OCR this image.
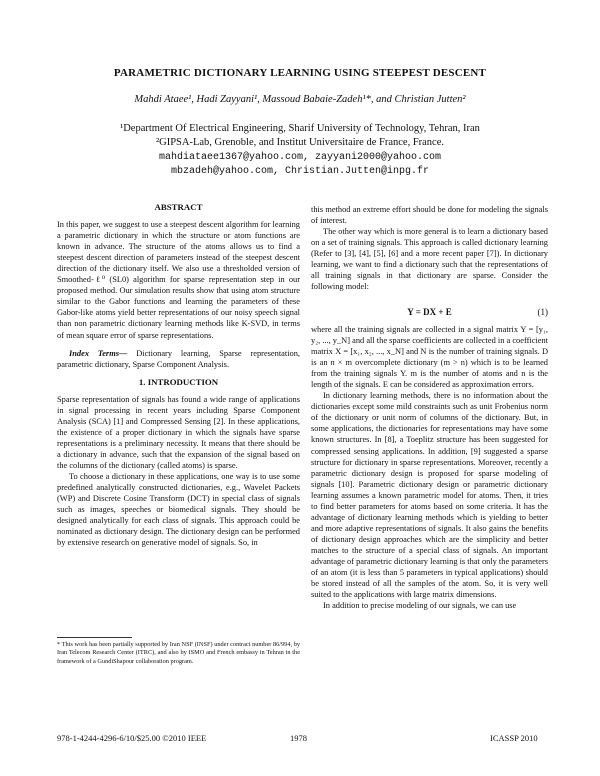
PARAMETRIC DICTIONARY LEARNING USING STEEPEST DESCENT
Mahdi Ataee¹, Hadi Zayyani¹, Massoud Babaie-Zadeh¹*, and Christian Jutten²
¹Department Of Electrical Engineering, Sharif University of Technology, Tehran, Iran
²GIPSA-Lab, Grenoble, and Institut Universitaire de France, France.
mahdiataee1367@yahoo.com, zayyani2000@yahoo.com
mbzadeh@yahoo.com, Christian.Jutten@inpg.fr
ABSTRACT

In this paper, we suggest to use a steepest descent algorithm for learning a parametric dictionary in which the structure or atom functions are known in advance. The structure of the atoms allows us to find a steepest descent direction of parameters instead of the steepest descent direction of the dictionary itself. We also use a thresholded version of Smoothed-ℓ⁰ (SL0) algorithm for sparse representation step in our proposed method. Our simulation results show that using atom structure similar to the Gabor functions and learning the parameters of these Gabor-like atoms yield better representations of our noisy speech signal than non parametric dictionary learning methods like K-SVD, in terms of mean square error of sparse representations.

Index Terms— Dictionary learning, Sparse representation, parametric dictionary, Sparse Component Analysis.

1. INTRODUCTION

Sparse representation of signals has found a wide range of applications in signal processing in recent years including Sparse Component Analysis (SCA) [1] and Compressed Sensing [2]. In these applications, the existence of a proper dictionary in which the signals have sparse representations is a preliminary necessity. It means that there should be a dictionary in advance, such that the expansion of the signal based on the columns of the dictionary (called atoms) is sparse.

To choose a dictionary in these applications, one way is to use some predefined analytically constructed dictionaries, e.g., Wavelet Packets (WP) and Discrete Cosine Transform (DCT) in special class of signals such as images, speeches or biomedical signals. They should be designed analytically for each class of signals. This approach could be nominated as dictionary design. The dictionary design can be performed by extensive research on generative model of signals. So, in

* This work has been partially supported by Iran NSF (INSF) under contract number 86/994, by Iran Telecom Research Center (ITRC), and also by ISMO and French embassy in Tehran in the framework of a GundiShapour collaboration program.

this method an extreme effort should be done for modeling the signals of interest.

The other way which is more general is to learn a dictionary based on a set of training signals. This approach is called dictionary learning (Refer to [3], [4], [5], [6] and a more recent paper [7]). In dictionary learning, we want to find a dictionary such that the representations of all training signals in that dictionary are sparse. Consider the following model:

Y = DX + E	(1)

where all the training signals are collected in a signal matrix Y = [y₁, y₂, ..., y_N] and all the sparse coefficients are collected in a coefficient matrix X = [x₁, x₂, ..., x_N] and N is the number of training signals. D is an n × m overcomplete dictionary (m > n) which is to be learned from the training signals Y. m is the number of atoms and n is the length of the signals. E can be considered as approximation errors.

In dictionary learning methods, there is no information about the dictionaries except some mild constraints such as unit Frobenius norm of the dictionary or unit norm of columns of the dictionary. But, in some applications, the dictionaries for representations may have some known structures. In [8], a Toeplitz structure has been suggested for compressed sensing applications. In addition, [9] suggested a sparse structure for dictionary in sparse representations. Moreover, recently a parametric dictionary design is proposed for sparse modeling of signals [10]. Parametric dictionary design or parametric dictionary learning assumes a known parametric model for atoms. Then, it tries to find better parameters for atoms based on some criteria. It has the advantage of dictionary learning methods which is yielding to better and more adaptive representations of signals. It also gains the benefits of dictionary design approaches which are the simplicity and better matches to the structure of a special class of signals. An important advantage of parametric dictionary learning is that only the parameters of an atom (it is less than 5 parameters in typical applications) should be stored instead of all the samples of the atom. So, it is very well suited to the applications with large matrix dimensions.

In addition to precise modeling of our signals, we can use

978-1-4244-4296-6/10/$25.00 ©2010 IEEE	1978	ICASSP 2010
